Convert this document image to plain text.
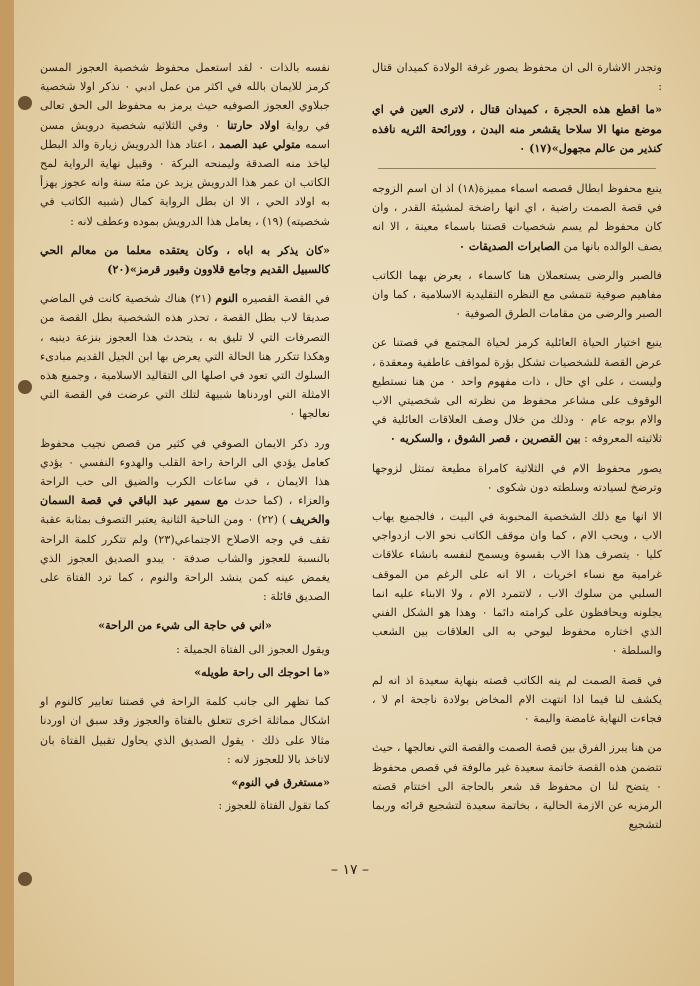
وتجدر الاشارة الى ان محفوظ يصور غرفة الولادة كميدان قتال :

«ما اقطع هذه الحجرة ، كميدان قتال ، لاترى العين في اي موضع منها الا سلاحا يقشعر منه البدن ، وورائحة الثريه نافذه كنذير من عالم مجهول»(١٧) ٠

ينبع محفوظ ابطال قصصه اسماء مميزة(١٨) اذ ان اسم الزوجه في قصة الصمت راضية ، اي انها راضخة لمشيئة القدر ، وان كان محفوظ لم يسم شخصيات قصتنا باسماء معينة ، الا انه يصف الوالده بانها من الصابرات الصديقات ٠

فالصبر والرضى يستعملان هنا كاسماء ، يعرض بهما الكاتب مفاهيم صوفية تتمشى مع النظره التقليدية الاسلامية ، كما وان الصبر والرضى من مقامات الطرق الصوفية ٠

ينبع اختيار الحياة العائلية كرمز لحياة المجتمع في قصتنا عن عرض القصة للشخصيات تشكل بؤرة لمواقف عاطفية ومعقدة ، وليست ، على اي حال ، ذات مفهوم واحد ٠ من هنا نستطيع الوقوف على مشاعر محفوظ من نظرته الى شخصيتي الاب والام بوجه عام ٠ وذلك من خلال وصف العلاقات العائلية في ثلاثيته المعروفه : بين القصرين ، قصر الشوق ، والسكريه ٠

يصور محفوظ الام في الثلاثية كامراة مطيعة تمتثل لزوجها وترضخ لسيادته وسلطته دون شكوى ٠

الا انها مع ذلك الشخصية المحبوبة في البيت ، فالجميع يهاب الاب ، ويحب الام ، كما وان موقف الكاتب نحو الاب ازدواجي كليا ٠ يتصرف هذا الاب بقسوة ويسمح لنفسه بانشاء علاقات غرامية مع نساء اخريات ، الا انه على الرغم من الموقف السلبي من سلوك الاب ، لاتتمرد الام ، ولا الابناء عليه انما يجلونه ويحافظون على كرامته دائما ٠ وهذا هو الشكل الفني الذي اختاره محفوظ ليوحي به الى العلاقات بين الشعب والسلطة ٠

في قصة الصمت لم ينه الكاتب قصته بنهاية سعيدة اذ انه لم يكشف لنا فيما اذا انتهت الام المخاض بولادة ناجحة ام لا ، فجاءت النهاية غامضة واليمة ٠

من هنا يبرز الفرق بين قصة الصمت والقصة التي نعالجها ، حيث تتضمن هذه القصة خاتمة سعيدة غير مالوفة في قصص محفوظ ٠ يتضح لنا ان محفوظ قد شعر بالحاجة الى اختتام قصته الرمزيه عن الازمة الحالية ، بخاتمة سعيدة لتشجيع قرائه وربما لتشجيع

نفسه بالذات ٠ لقد استعمل محفوظ شخصية العجوز المسن كرمز للايمان بالله في اكثر من عمل ادبي ٠ نذكر اولا شخصية جبلاوي العجوز الصوفيه حيث يرمز به محفوظ الى الحق تعالى في رواية اولاد حارتنا ٠ وفي الثلاثيه شخصية درويش مسن اسمه متولي عبد الصمد ، اعتاد هذا الدرويش زيارة والد البطل لياخذ منه الصدقة وليمنحه البركة ٠ وقبيل نهاية الرواية لمح الكاتب ان عمر هذا الدرويش يزيد عن مئة سنة وانه عجوز يهزأ به اولاد الحي ، الا ان بطل الرواية كمال (شبيه الكاتب في شخصيته) (١٩) ، يعامل هذا الدرويش بموده وعطف لانه :

«كان يذكر به اباه ، وكان يعتقده معلما من معالم الحي كالسبيل القديم وجامع قلاوون وقبور قرمز»(٢٠)

في القصة القصيره النوم (٢١) هناك شخصية كانت في الماضي صديقا لاب بطل القصة ، تحذر هذه الشخصية بطل القصة من التصرفات التي لا تليق به ، يتحدث هذا العجوز بنزعة دينيه ، وهكذا تتكرر هنا الحالة التي يعرض بها ابن الجيل القديم مبادىء السلوك التي تعود في اصلها الى التقاليد الاسلامية ، وجميع هذه الامثلة التي اوردناها شبيهة لتلك التي عرضت في القصة التي نعالجها ٠

ورد ذكر الايمان الصوفي في كثير من قصص نجيب محفوظ كعامل يؤدي الى الراحة راحة القلب والهدوء النفسي ٠ يؤدي هذا الايمان ، في ساعات الكرب والضيق الى حب الراحة والعزاء ، (كما حدث مع سمير عبد الباقي في قصة السمان والخريف ) (٢٢) ٠ ومن الناحية الثانية يعتبر التصوف بمثابة عقبة تقف في وجه الاصلاح الاجتماعي(٢٣) ولم تتكرر كلمة الراحة بالنسبة للعجوز والشاب صدفة ٠ يبدو الصديق العجوز الذي يغمض عينه كمن ينشد الراحة والنوم ، كما ترد الفتاة على الصديق قائلة :

«اني في حاجة الى شيء من الراحة»

ويقول العجوز الى الفتاة الجميلة :

«ما احوجك الى راحة طويله»

كما تظهر الى جانب كلمة الراحة في قصتنا تعابير كالنوم او اشكال مماثلة اخرى تتعلق بالفتاة والعجوز وقد سبق ان اوردنا مثالا على ذلك ٠ يقول الصديق الذي يحاول تقبيل الفتاة بان لاتاخذ بالا للعجوز لانه :

«مستغرق في النوم»

كما تقول الفتاة للعجوز :

– ١٧ –
